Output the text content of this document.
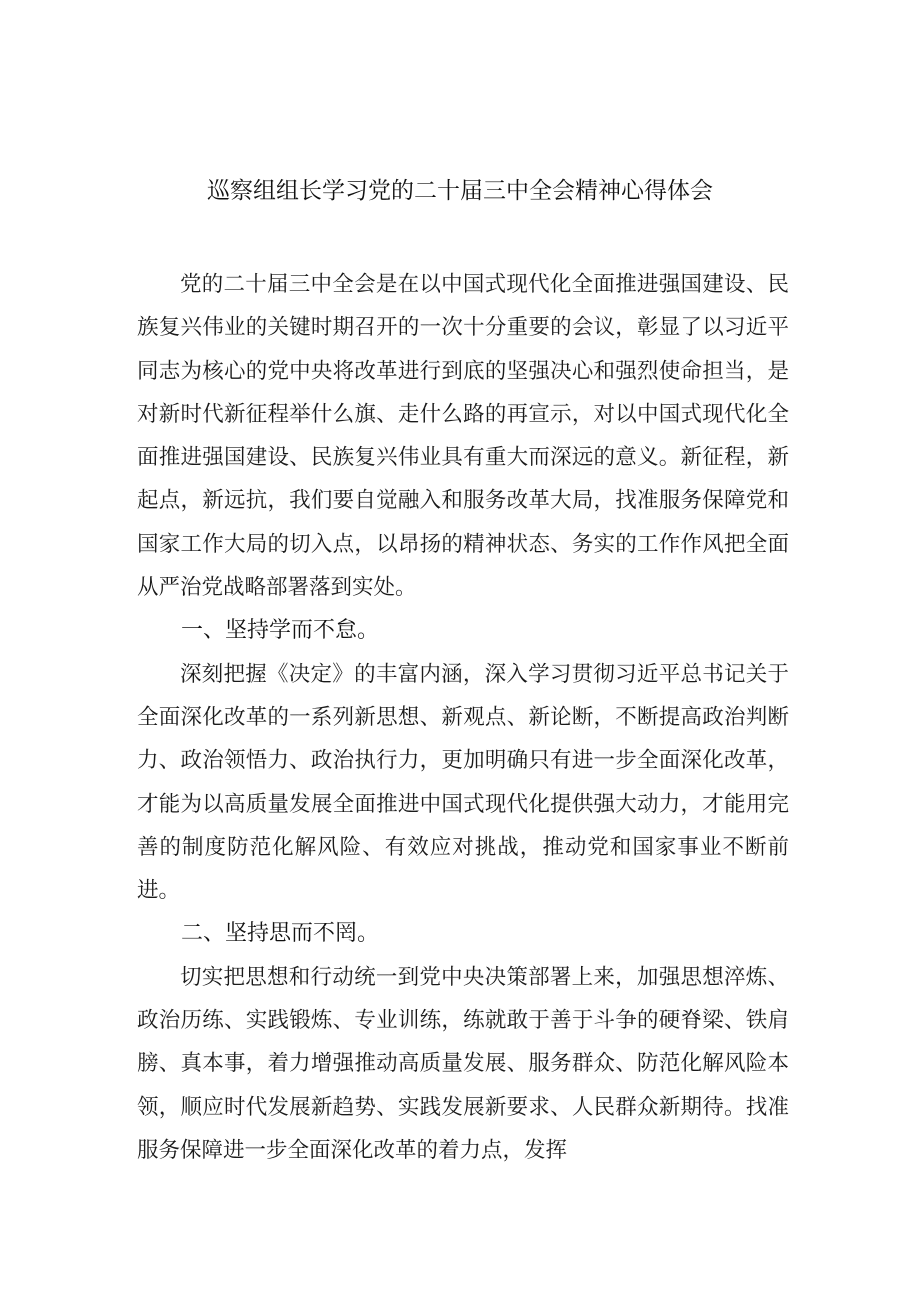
巡察组组长学习党的二十届三中全会精神心得体会

党的二十届三中全会是在以中国式现代化全面推进强国建设、民族复兴伟业的关键时期召开的一次十分重要的会议，彰显了以习近平同志为核心的党中央将改革进行到底的坚强决心和强烈使命担当，是对新时代新征程举什么旗、走什么路的再宣示，对以中国式现代化全面推进强国建设、民族复兴伟业具有重大而深远的意义。新征程，新起点，新远抗，我们要自觉融入和服务改革大局，找准服务保障党和国家工作大局的切入点，以昂扬的精神状态、务实的工作作风把全面从严治党战略部署落到实处。

一、坚持学而不怠。

深刻把握《决定》的丰富内涵，深入学习贯彻习近平总书记关于全面深化改革的一系列新思想、新观点、新论断，不断提高政治判断力、政治领悟力、政治执行力，更加明确只有进一步全面深化改革，才能为以高质量发展全面推进中国式现代化提供强大动力，才能用完善的制度防范化解风险、有效应对挑战，推动党和国家事业不断前进。

二、坚持思而不罔。

切实把思想和行动统一到党中央决策部署上来，加强思想淬炼、政治历练、实践锻炼、专业训练，练就敢于善于斗争的硬脊梁、铁肩膀、真本事，着力增强推动高质量发展、服务群众、防范化解风险本领，顺应时代发展新趋势、实践发展新要求、人民群众新期待。找准服务保障进一步全面深化改革的着力点，发挥
